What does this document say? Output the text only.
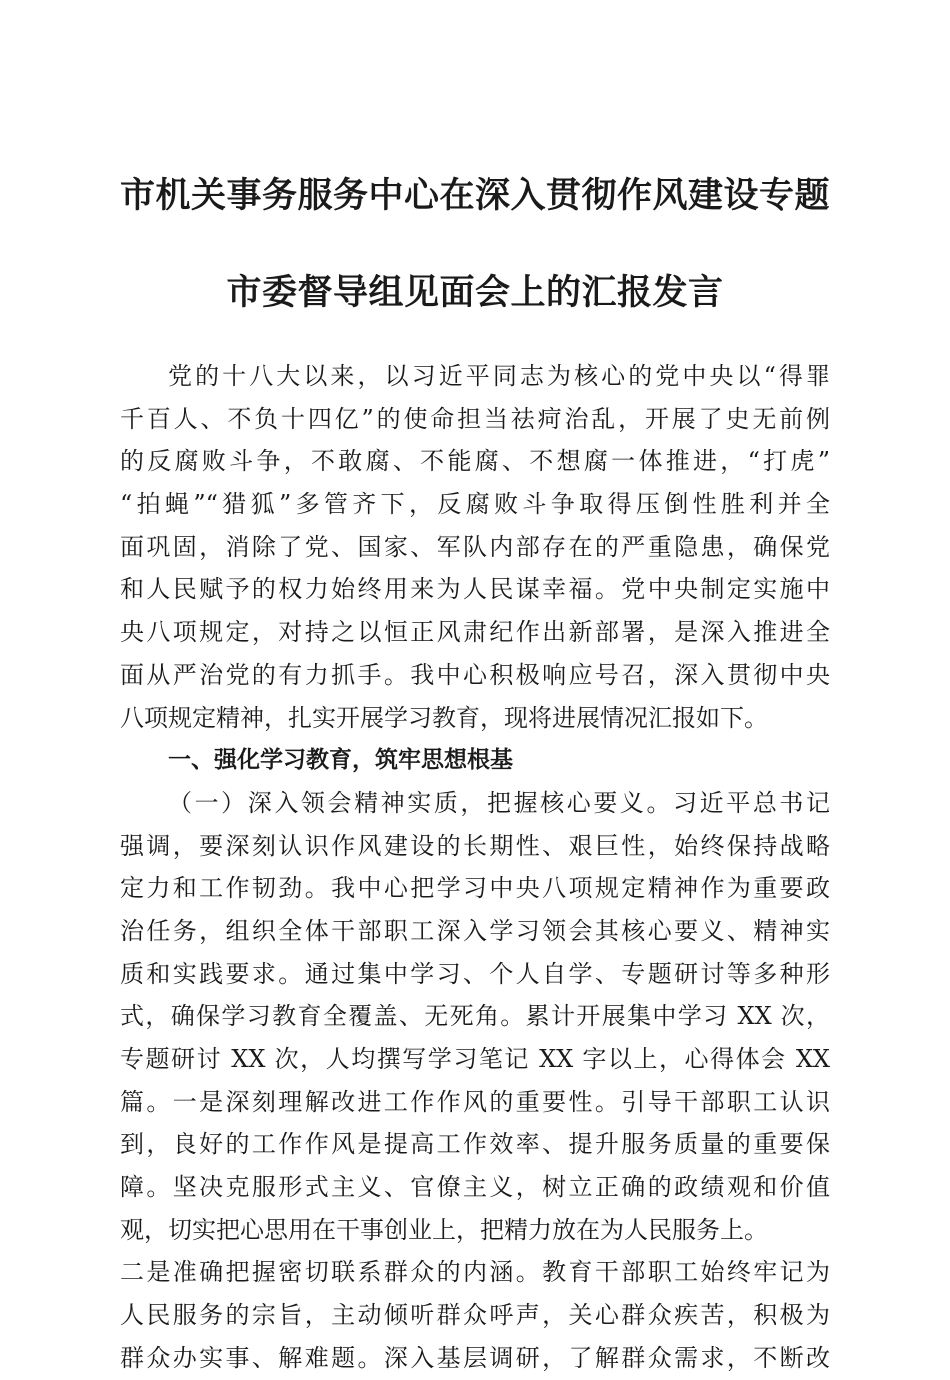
市机关事务服务中心在深入贯彻作风建设专题
市委督导组见面会上的汇报发言
党的十八大以来，以习近平同志为核心的党中央以“得罪
千百人、不负十四亿”的使命担当祛疴治乱，开展了史无前例
的反腐败斗争，不敢腐、不能腐、不想腐一体推进，“打虎”
“拍蝇”“猎狐”多管齐下，反腐败斗争取得压倒性胜利并全
面巩固，消除了党、国家、军队内部存在的严重隐患，确保党
和人民赋予的权力始终用来为人民谋幸福。党中央制定实施中
央八项规定，对持之以恒正风肃纪作出新部署，是深入推进全
面从严治党的有力抓手。我中心积极响应号召，深入贯彻中央
八项规定精神，扎实开展学习教育，现将进展情况汇报如下。
一、强化学习教育，筑牢思想根基
（一）深入领会精神实质，把握核心要义。习近平总书记
强调，要深刻认识作风建设的长期性、艰巨性，始终保持战略
定力和工作韧劲。我中心把学习中央八项规定精神作为重要政
治任务，组织全体干部职工深入学习领会其核心要义、精神实
质和实践要求。通过集中学习、个人自学、专题研讨等多种形
式，确保学习教育全覆盖、无死角。累计开展集中学习 XX 次，
专题研讨 XX 次，人均撰写学习笔记 XX 字以上，心得体会 XX
篇。一是深刻理解改进工作作风的重要性。引导干部职工认识
到，良好的工作作风是提高工作效率、提升服务质量的重要保
障。坚决克服形式主义、官僚主义，树立正确的政绩观和价值
观，切实把心思用在干事创业上，把精力放在为人民服务上。
二是准确把握密切联系群众的内涵。教育干部职工始终牢记为
人民服务的宗旨，主动倾听群众呼声，关心群众疾苦，积极为
群众办实事、解难题。深入基层调研，了解群众需求，不断改
